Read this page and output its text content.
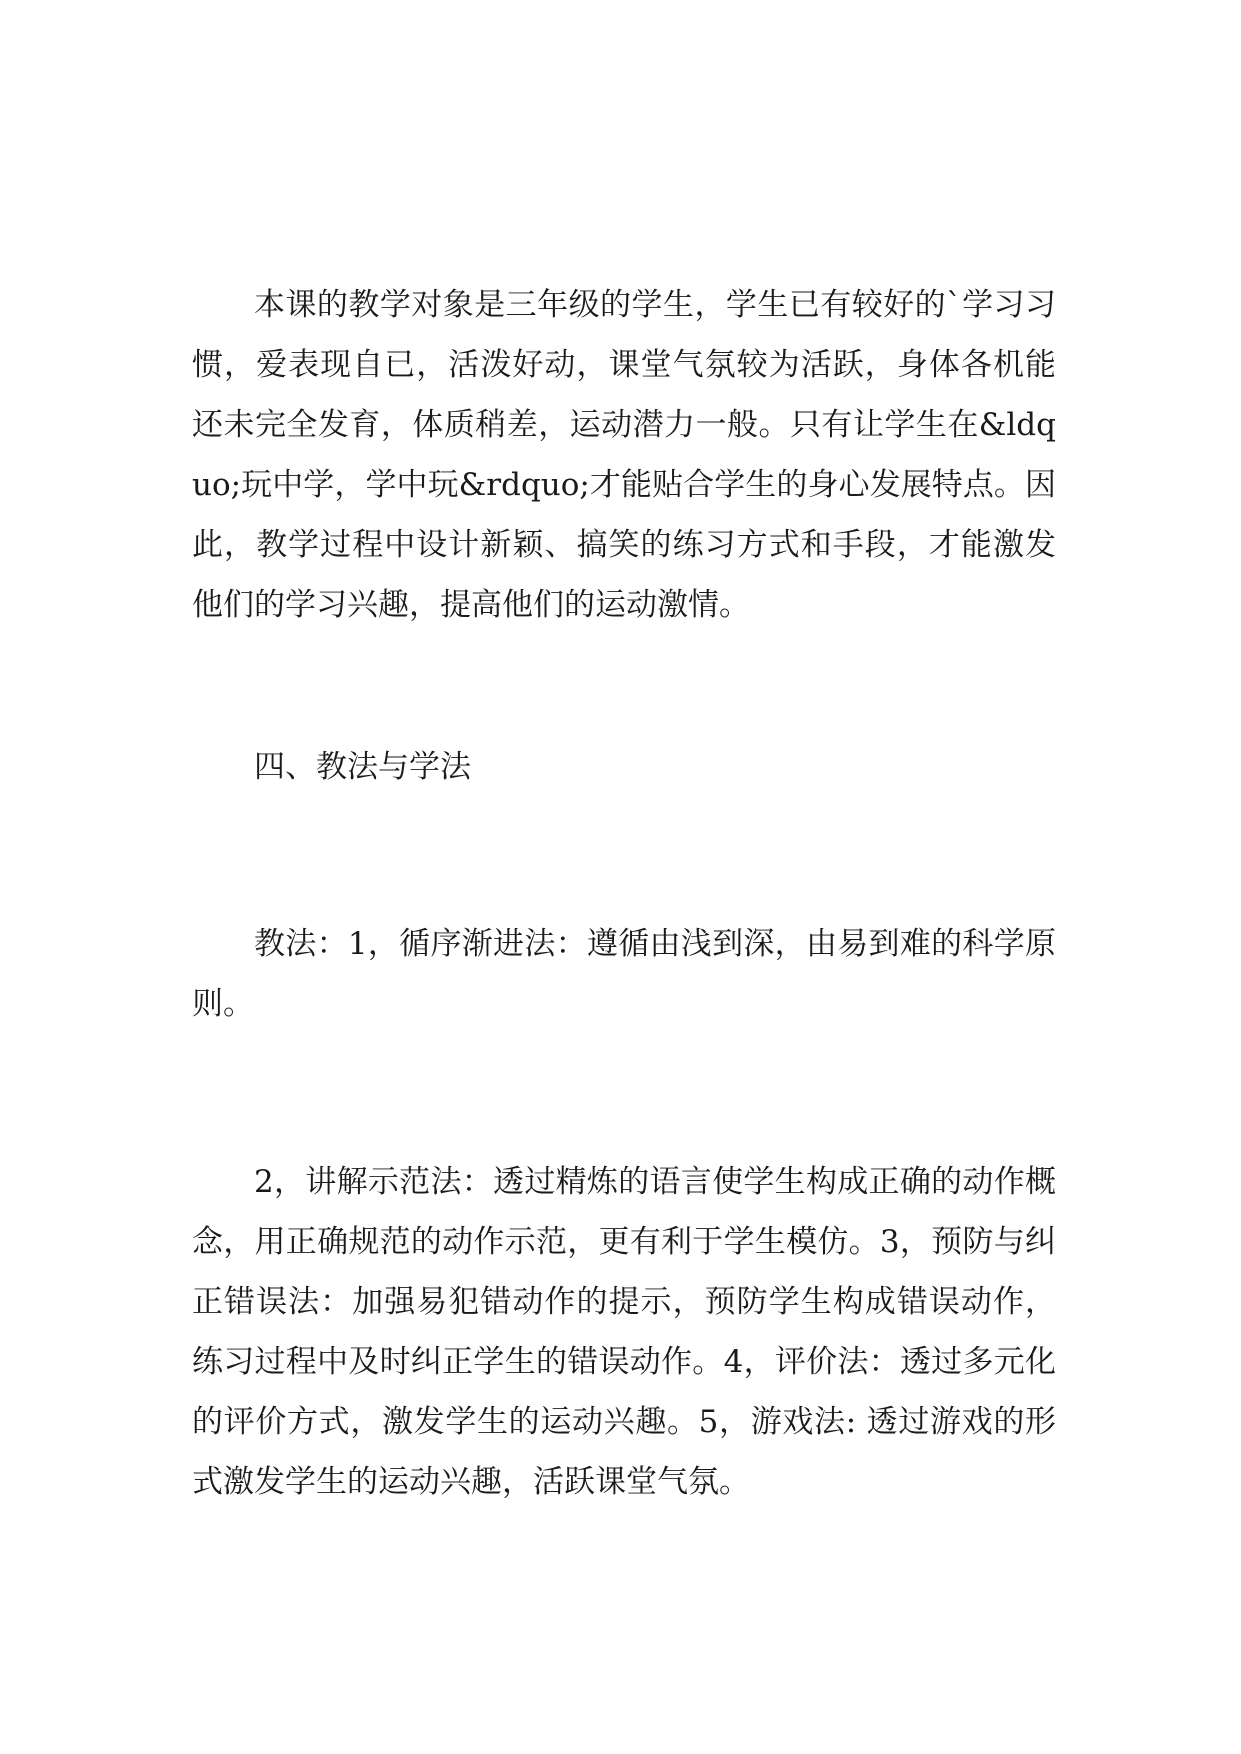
本课的教学对象是三年级的学生，学生已有较好的`学习习惯，爱表现自已，活泼好动，课堂气氛较为活跃，身体各机能还未完全发育，体质稍差，运动潜力一般。只有让学生在&ldquo;玩中学，学中玩&rdquo;才能贴合学生的身心发展特点。因此，教学过程中设计新颖、搞笑的练习方式和手段，才能激发他们的学习兴趣，提高他们的运动激情。

四、教法与学法

教法：1，循序渐进法：遵循由浅到深，由易到难的科学原则。

2，讲解示范法：透过精炼的语言使学生构成正确的动作概念，用正确规范的动作示范，更有利于学生模仿。3，预防与纠正错误法：加强易犯错动作的提示，预防学生构成错误动作，练习过程中及时纠正学生的错误动作。4，评价法：透过多元化的评价方式，激发学生的运动兴趣。5，游戏法: 透过游戏的形式激发学生的运动兴趣，活跃课堂气氛。
